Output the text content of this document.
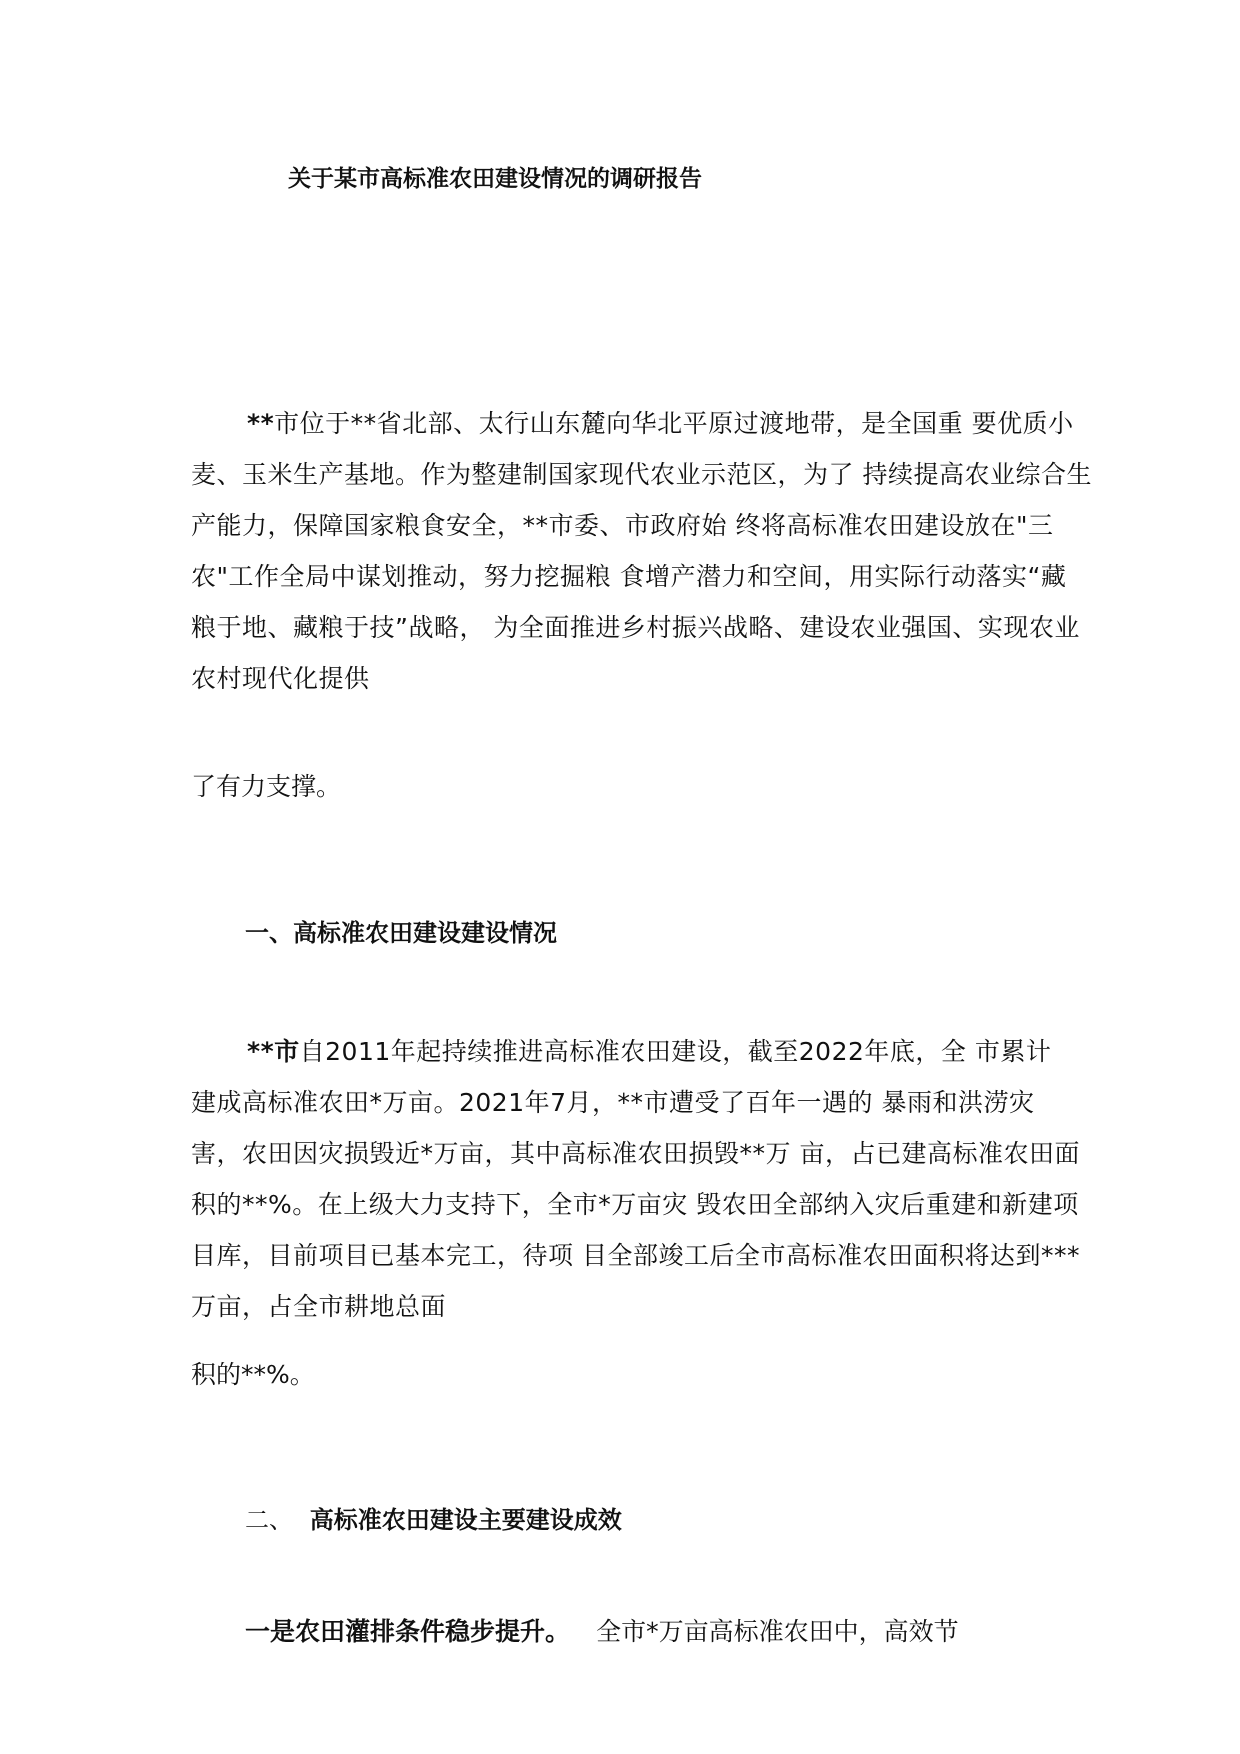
关于某市高标准农田建设情况的调研报告
**市位于**省北部、太行山东麓向华北平原过渡地带，是全国重 要优质小
麦、玉米生产基地。作为整建制国家现代农业示范区，为了 持续提高农业综合生
产能力，保障国家粮食安全，**市委、市政府始 终将高标准农田建设放在"三
农"工作全局中谋划推动，努力挖掘粮 食增产潜力和空间，用实际行动落实“藏
粮于地、藏粮于技”战略， 为全面推进乡村振兴战略、建设农业强国、实现农业
农村现代化提供
了有力支撑。
一、高标准农田建设建设情况
**市自2011年起持续推进高标准农田建设，截至2022年底，全 市累计
建成高标准农田*万亩。2021年7月，**市遭受了百年一遇的 暴雨和洪涝灾
害，农田因灾损毁近*万亩，其中高标准农田损毁**万 亩，占已建高标准农田面
积的**%。在上级大力支持下，全市*万亩灾 毁农田全部纳入灾后重建和新建项
目库，目前项目已基本完工，待项 目全部竣工后全市高标准农田面积将达到***
万亩，占全市耕地总面
积的**%。
二、 高标准农田建设主要建设成效
一是农田灌排条件稳步提升。 全市*万亩高标准农田中，高效节
